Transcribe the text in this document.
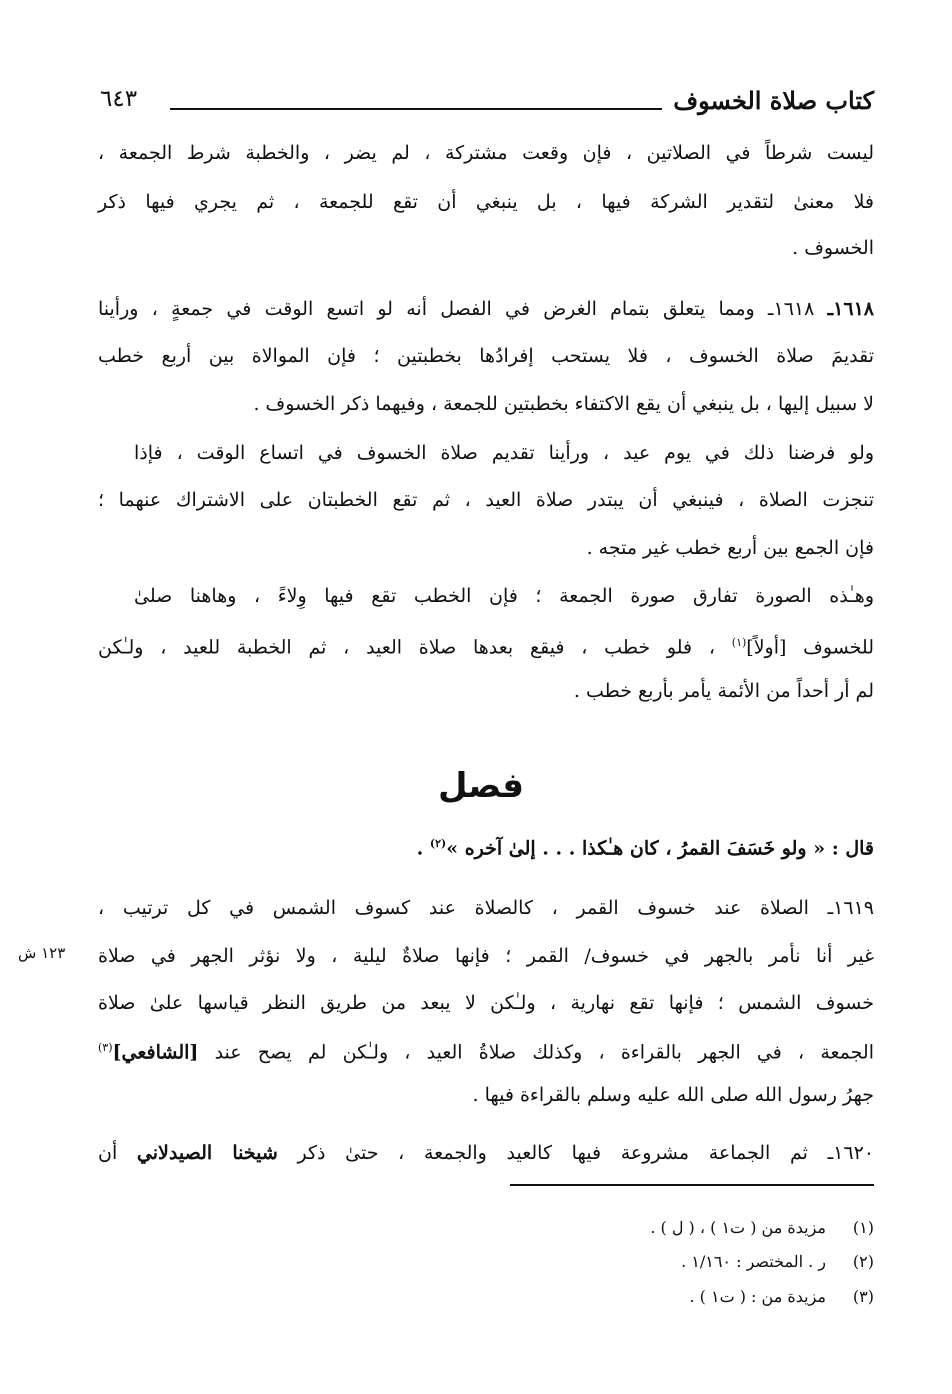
كتاب صلاة الخسوف
٦٤٣
ليست شرطاً في الصلاتين ، فإن وقعت مشتركة ، لم يضر ، والخطبة شرط الجمعة ،
فلا معنىٰ لتقدير الشركة فيها ، بل ينبغي أن تقع للجمعة ، ثم يجري فيها ذكر
الخسوف .
١٦١٨ـ ١٦١٨ـ ومما يتعلق بتمام الغرض في الفصل أنه لو اتسع الوقت في جمعةٍ ، ورأينا
تقديمَ صلاة الخسوف ، فلا يستحب إفرادُها بخطبتين ؛ فإن الموالاة بين أربع خطب
لا سبيل إليها ، بل ينبغي أن يقع الاكتفاء بخطبتين للجمعة ، وفيهما ذكر الخسوف .
ولو فرضنا ذلك في يوم عيد ، ورأينا تقديم صلاة الخسوف في اتساع الوقت ، فإذا
تنجزت الصلاة ، فينبغي أن يبتدر صلاة العيد ، ثم تقع الخطبتان على الاشتراك عنهما ؛
فإن الجمع بين أربع خطب غير متجه .
وهـٰذه الصورة تفارق صورة الجمعة ؛ فإن الخطب تقع فيها وِلاءً ، وهاهنا صلىٰ
للخسوف [أولاً]$^{(١)}$ ، فلو خطب ، فيقع بعدها صلاة العيد ، ثم الخطبة للعيد ، ولـٰكن
لم أر أحداً من الأئمة يأمر بأربع خطب .
فصل
قال : « ولو خَسَفَ القمرُ ، كان هـٰكذا . . . إلىٰ آخره »$^{(٢)}$ .
١٦١٩ـ الصلاة عند خسوف القمر ، كالصلاة عند كسوف الشمس في كل ترتيب ،
غير أنا نأمر بالجهر في خسوف/ القمر ؛ فإنها صلاةٌ ليلية ، ولا نؤثر الجهر في صلاة
١٢٣ ش
خسوف الشمس ؛ فإنها تقع نهارية ، ولـٰكن لا يبعد من طريق النظر قياسها علىٰ صلاة
الجمعة ، في الجهر بالقراءة ، وكذلك صلاةُ العيد ، ولـٰكن لم يصح عند [الشافعي]$^{(٣)}$
جهرُ رسول الله صلى الله عليه وسلم بالقراءة فيها .
١٦٢٠ـ ثم الجماعة مشروعة فيها كالعيد والجمعة ، حتىٰ ذكر شيخنا الصيدلاني أن
(١)مزيدة من ( ت١ ) ، ( ل ) .
(٢)ر . المختصر : ١/١٦٠ .
(٣)مزيدة من : ( ت١ ) .
